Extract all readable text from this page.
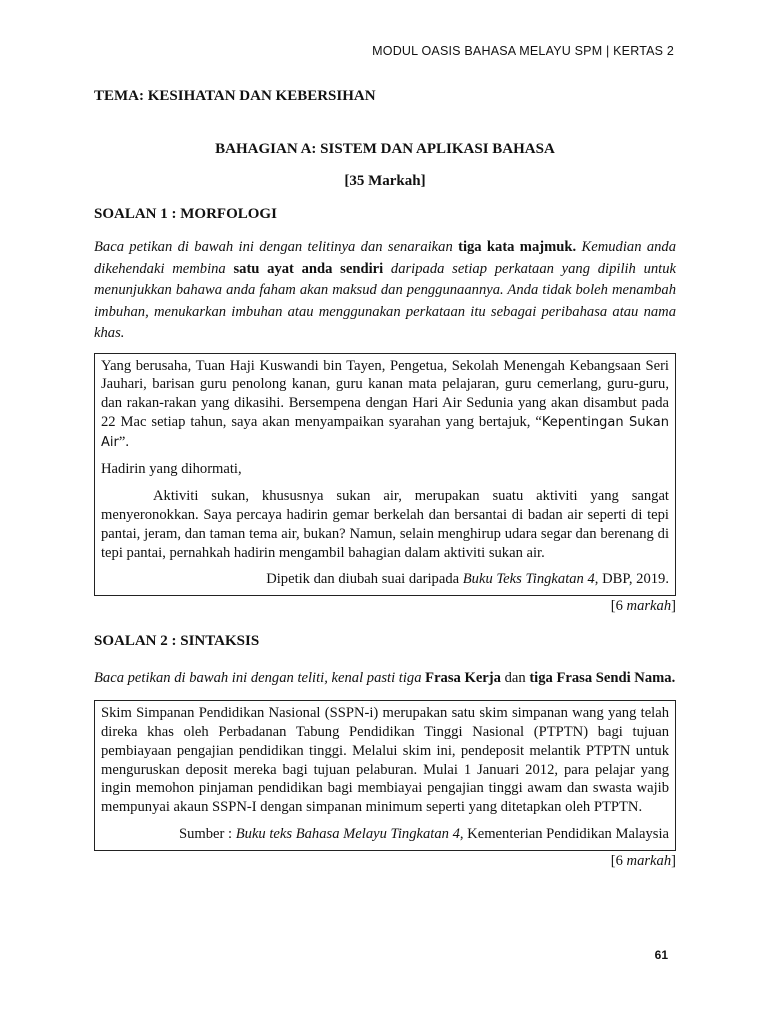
MODUL OASIS BAHASA MELAYU SPM | KERTAS 2

TEMA: KESIHATAN DAN KEBERSIHAN

BAHAGIAN A: SISTEM DAN APLIKASI BAHASA

[35 Markah]

SOALAN 1 : MORFOLOGI

Baca petikan di bawah ini dengan telitinya dan senaraikan tiga kata majmuk. Kemudian anda dikehendaki membina satu ayat anda sendiri daripada setiap perkataan yang dipilih untuk menunjukkan bahawa anda faham akan maksud dan penggunaannya. Anda tidak boleh menambah imbuhan, menukarkan imbuhan atau menggunakan perkataan itu sebagai peribahasa atau nama khas.

Yang berusaha, Tuan Haji Kuswandi bin Tayen, Pengetua, Sekolah Menengah Kebangsaan Seri Jauhari, barisan guru penolong kanan, guru kanan mata pelajaran, guru cemerlang, guru-guru, dan rakan-rakan yang dikasihi. Bersempena dengan Hari Air Sedunia yang akan disambut pada 22 Mac setiap tahun, saya akan menyampaikan syarahan yang bertajuk, “Kepentingan Sukan Air”.

Hadirin yang dihormati,

Aktiviti sukan, khususnya sukan air, merupakan suatu aktiviti yang sangat menyeronokkan. Saya percaya hadirin gemar berkelah dan bersantai di badan air seperti di tepi pantai, jeram, dan taman tema air, bukan? Namun, selain menghirup udara segar dan berenang di tepi pantai, pernahkah hadirin mengambil bahagian dalam aktiviti sukan air.

Dipetik dan diubah suai daripada Buku Teks Tingkatan 4, DBP, 2019.

[6 markah]

SOALAN 2 : SINTAKSIS

Baca petikan di bawah ini dengan teliti, kenal pasti tiga Frasa Kerja dan tiga Frasa Sendi Nama.

Skim Simpanan Pendidikan Nasional (SSPN-i) merupakan satu skim simpanan wang yang telah direka khas oleh Perbadanan Tabung Pendidikan Tinggi Nasional (PTPTN) bagi tujuan pembiayaan pengajian pendidikan tinggi. Melalui skim ini, pendeposit melantik PTPTN untuk menguruskan deposit mereka bagi tujuan pelaburan. Mulai 1 Januari 2012, para pelajar yang ingin memohon pinjaman pendidikan bagi membiayai pengajian tinggi awam dan swasta wajib mempunyai akaun SSPN-I dengan simpanan minimum seperti yang ditetapkan oleh PTPTN.

Sumber : Buku teks Bahasa Melayu Tingkatan 4, Kementerian Pendidikan Malaysia

[6 markah]

61
